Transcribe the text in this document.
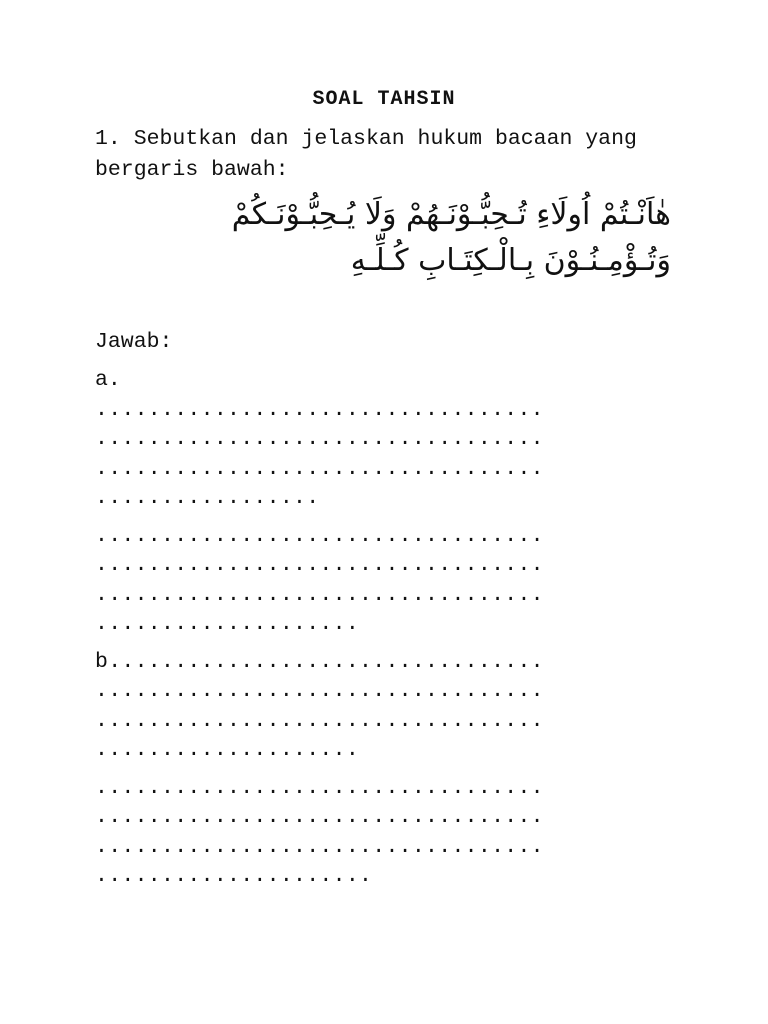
SOAL TAHSIN
1. Sebutkan dan jelaskan hukum bacaan yang bergaris bawah:
هٰاَنْـتُمْ اُولَاءِ تُـحِبُّـوْنَـهُمْ وَلَا يُـحِبُّـوْنَـكُمْ وَتُـؤْمِـنُـوْنَ بِـالْـكِتَـابِ كُـلِّـهِ
Jawab:
a.
..................................
..................................
..................................
.................
..................................
..................................
..................................
....................
b.................................
..................................
..................................
....................
..................................
..................................
..................................
.....................
